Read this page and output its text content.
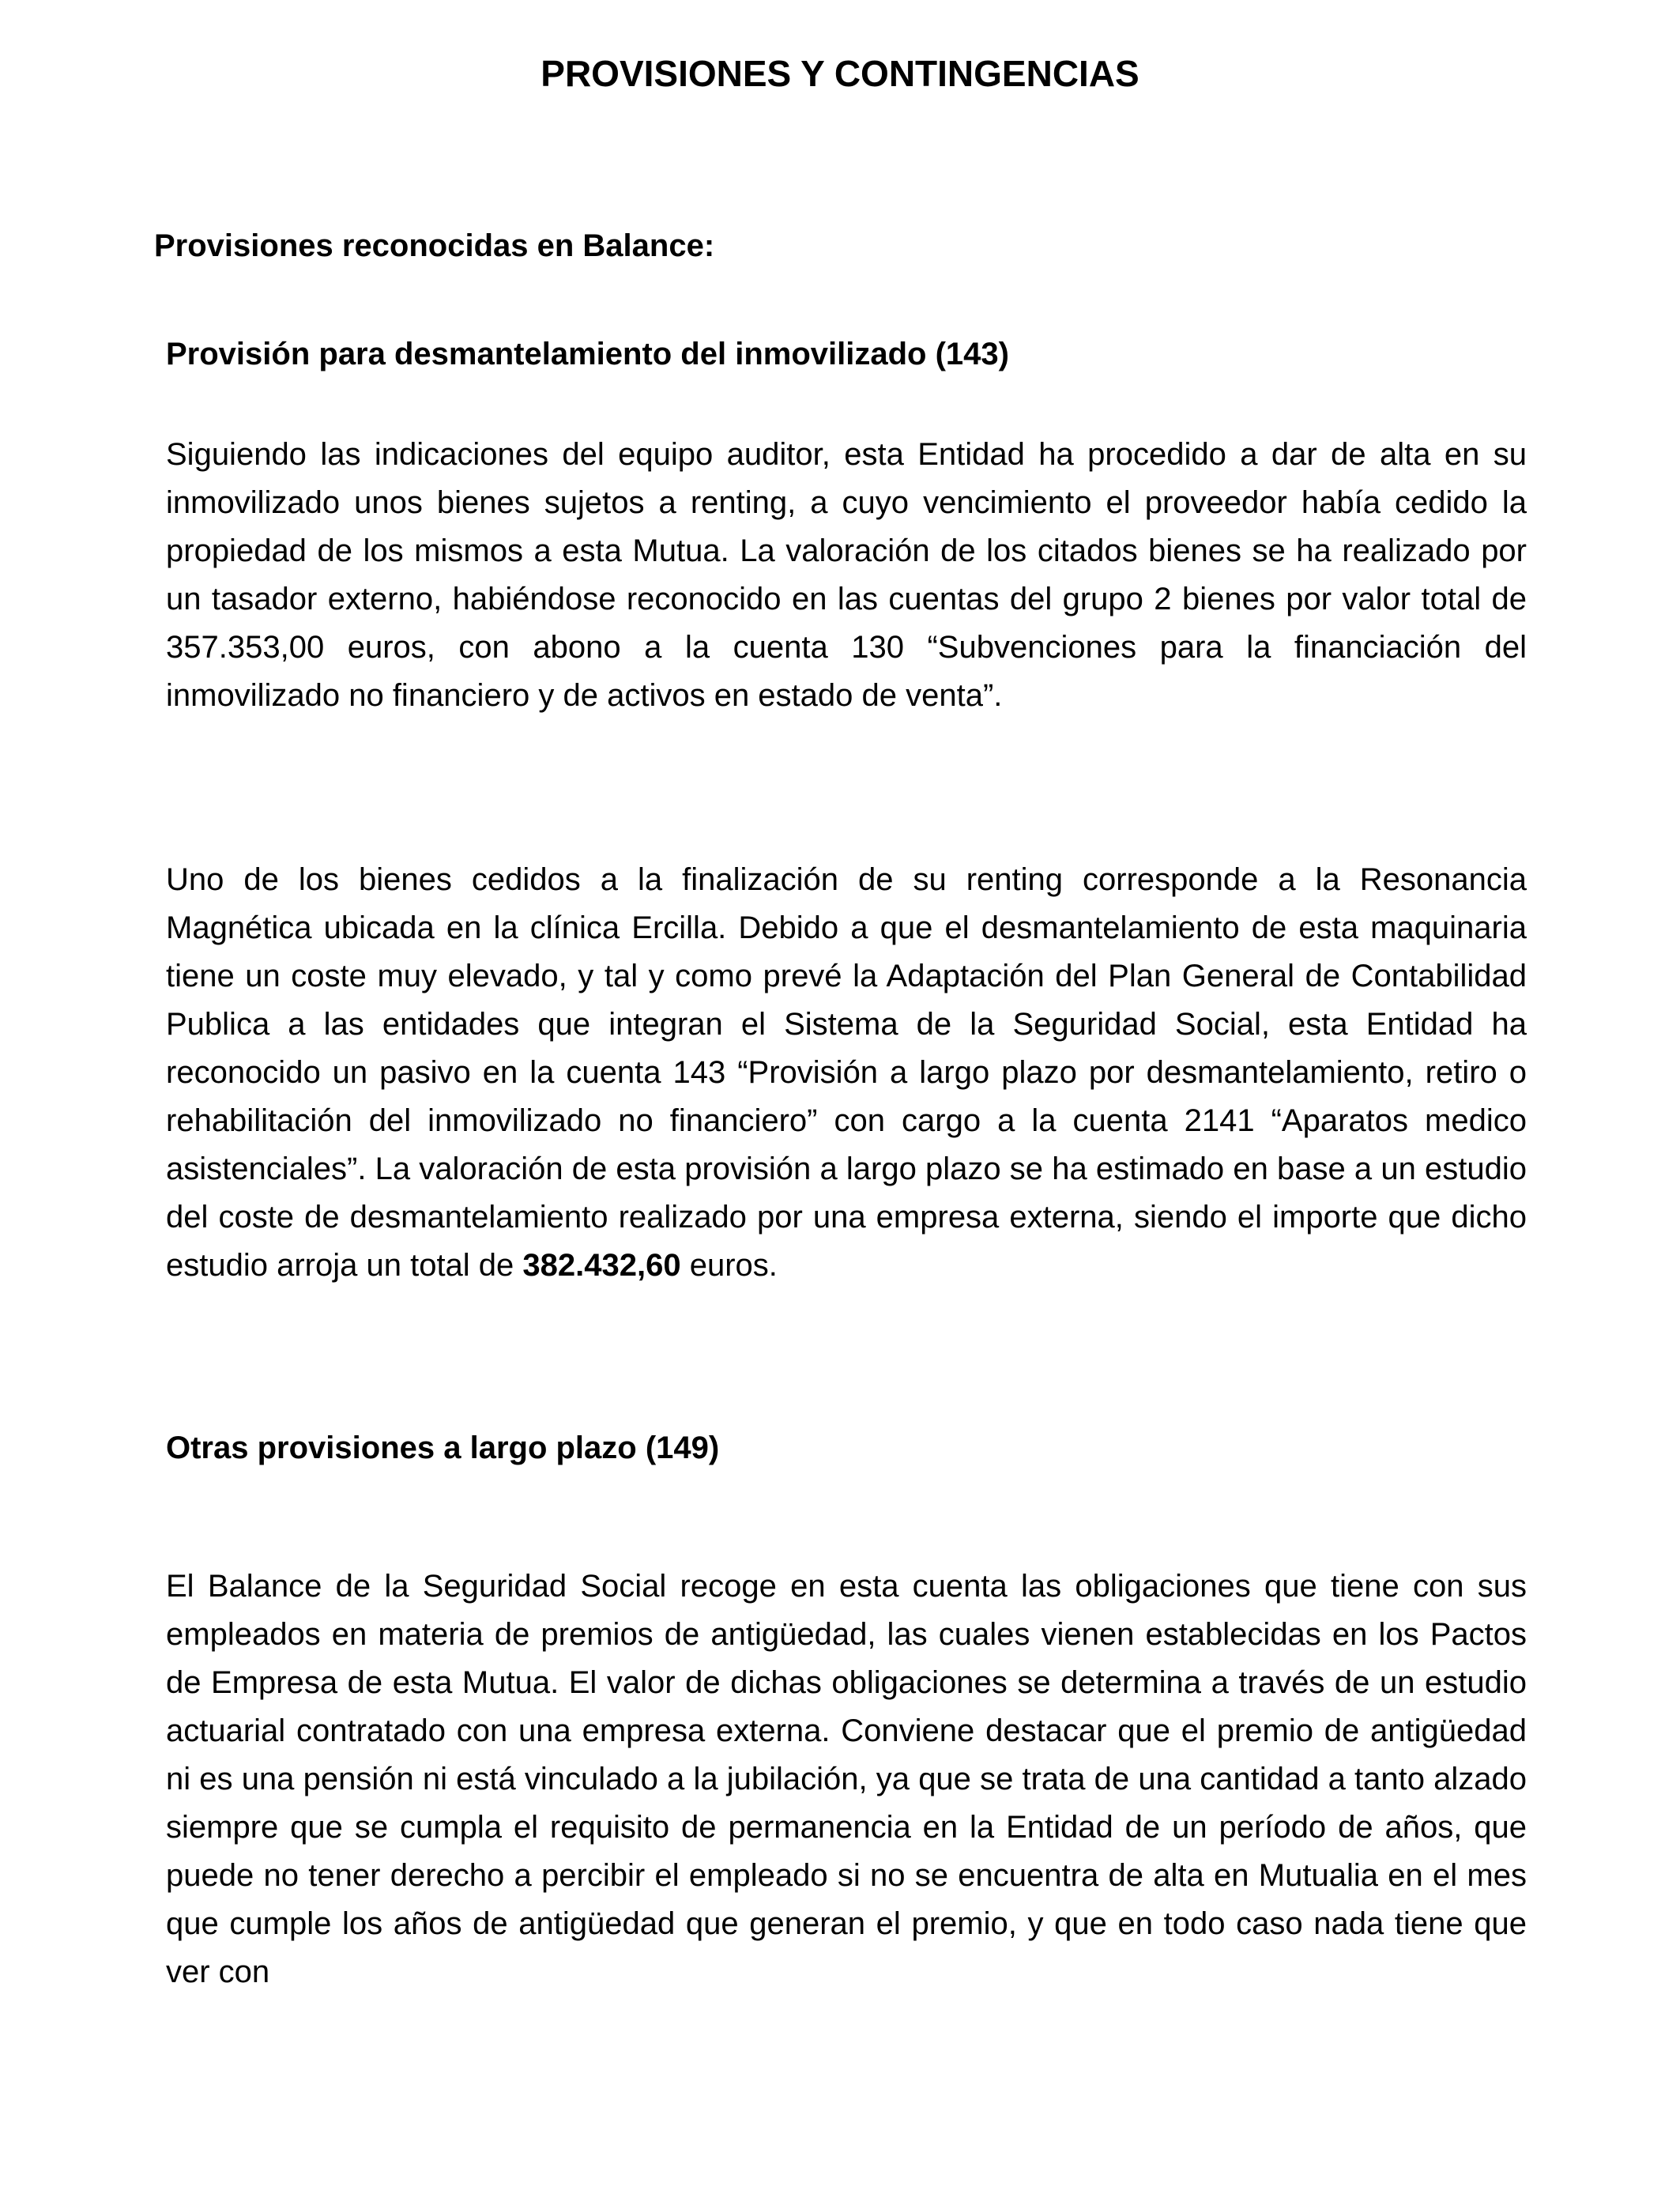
PROVISIONES Y CONTINGENCIAS
Provisiones reconocidas en Balance:
Provisión para desmantelamiento del inmovilizado (143)

Siguiendo las indicaciones del equipo auditor, esta Entidad ha procedido a dar de alta en su inmovilizado unos bienes sujetos a renting, a cuyo vencimiento el proveedor había cedido la propiedad de los mismos a esta Mutua. La valoración de los citados bienes se ha realizado por un tasador externo, habiéndose reconocido en las cuentas del grupo 2 bienes por valor total de 357.353,00 euros, con abono a la cuenta 130 “Subvenciones para la financiación del inmovilizado no financiero y de activos en estado de venta”.

Uno de los bienes cedidos a la finalización de su renting corresponde a la Resonancia Magnética ubicada en la clínica Ercilla. Debido a que el desmantelamiento de esta maquinaria tiene un coste muy elevado, y tal y como prevé la Adaptación del Plan General de Contabilidad Publica a las entidades que integran el Sistema de la Seguridad Social, esta Entidad ha reconocido un pasivo en la cuenta 143 “Provisión a largo plazo por desmantelamiento, retiro o rehabilitación del inmovilizado no financiero” con cargo a la cuenta 2141 “Aparatos medico asistenciales”. La valoración de esta provisión a largo plazo se ha estimado en base a un estudio del coste de desmantelamiento realizado por una empresa externa, siendo el importe que dicho estudio arroja un total de 382.432,60 euros.

Otras provisiones a largo plazo (149)

El Balance de la Seguridad Social recoge en esta cuenta las obligaciones que tiene con sus empleados en materia de premios de antigüedad, las cuales vienen establecidas en los Pactos de Empresa de esta Mutua. El valor de dichas obligaciones se determina a través de un estudio actuarial contratado con una empresa externa. Conviene destacar que el premio de antigüedad ni es una pensión ni está vinculado a la jubilación, ya que se trata de una cantidad a tanto alzado siempre que se cumpla el requisito de permanencia en la Entidad de un período de años, que puede no tener derecho a percibir el empleado si no se encuentra de alta en Mutualia en el mes que cumple los años de antigüedad que generan el premio, y que en todo caso nada tiene que ver con
